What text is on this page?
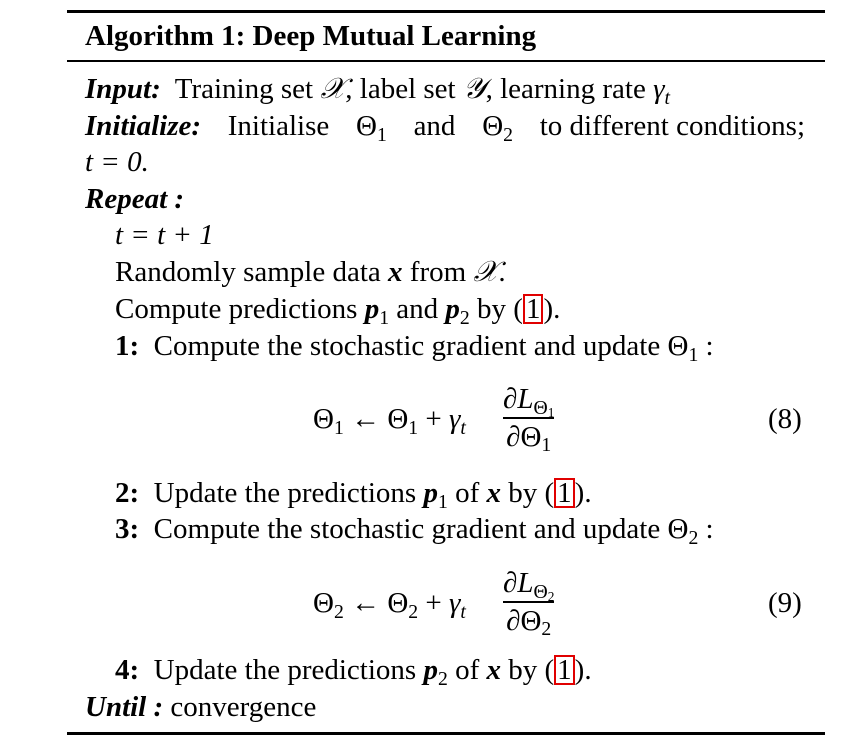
Algorithm 1: Deep Mutual Learning
Input: Training set 𝒳, label set 𝒴, learning rate $\gamma_t$
Initialize: Initialise $\Theta_1$ and $\Theta_2$ to different conditions;
t = 0.
Repeat :
t = t + 1
Randomly sample data x from 𝒳.
Compute predictions $p_1$ and $p_2$ by ( 1 ).
1: Compute the stochastic gradient and update $\Theta_1$ :
$\Theta_1$ ← $\Theta_1 + \gamma_t$
$\partial L_{\Theta_1}$
$\partial\Theta_1$
(8)
2: Update the predictions $p_1$ of x by ( 1 ).
3: Compute the stochastic gradient and update $\Theta_2$ :
$\Theta_2$ ← $\Theta_2 + \gamma_t$
$\partial L_{\Theta_2}$
$\partial\Theta_2$
(9)
4: Update the predictions $p_2$ of x by ( 1 ).
Until : convergence
